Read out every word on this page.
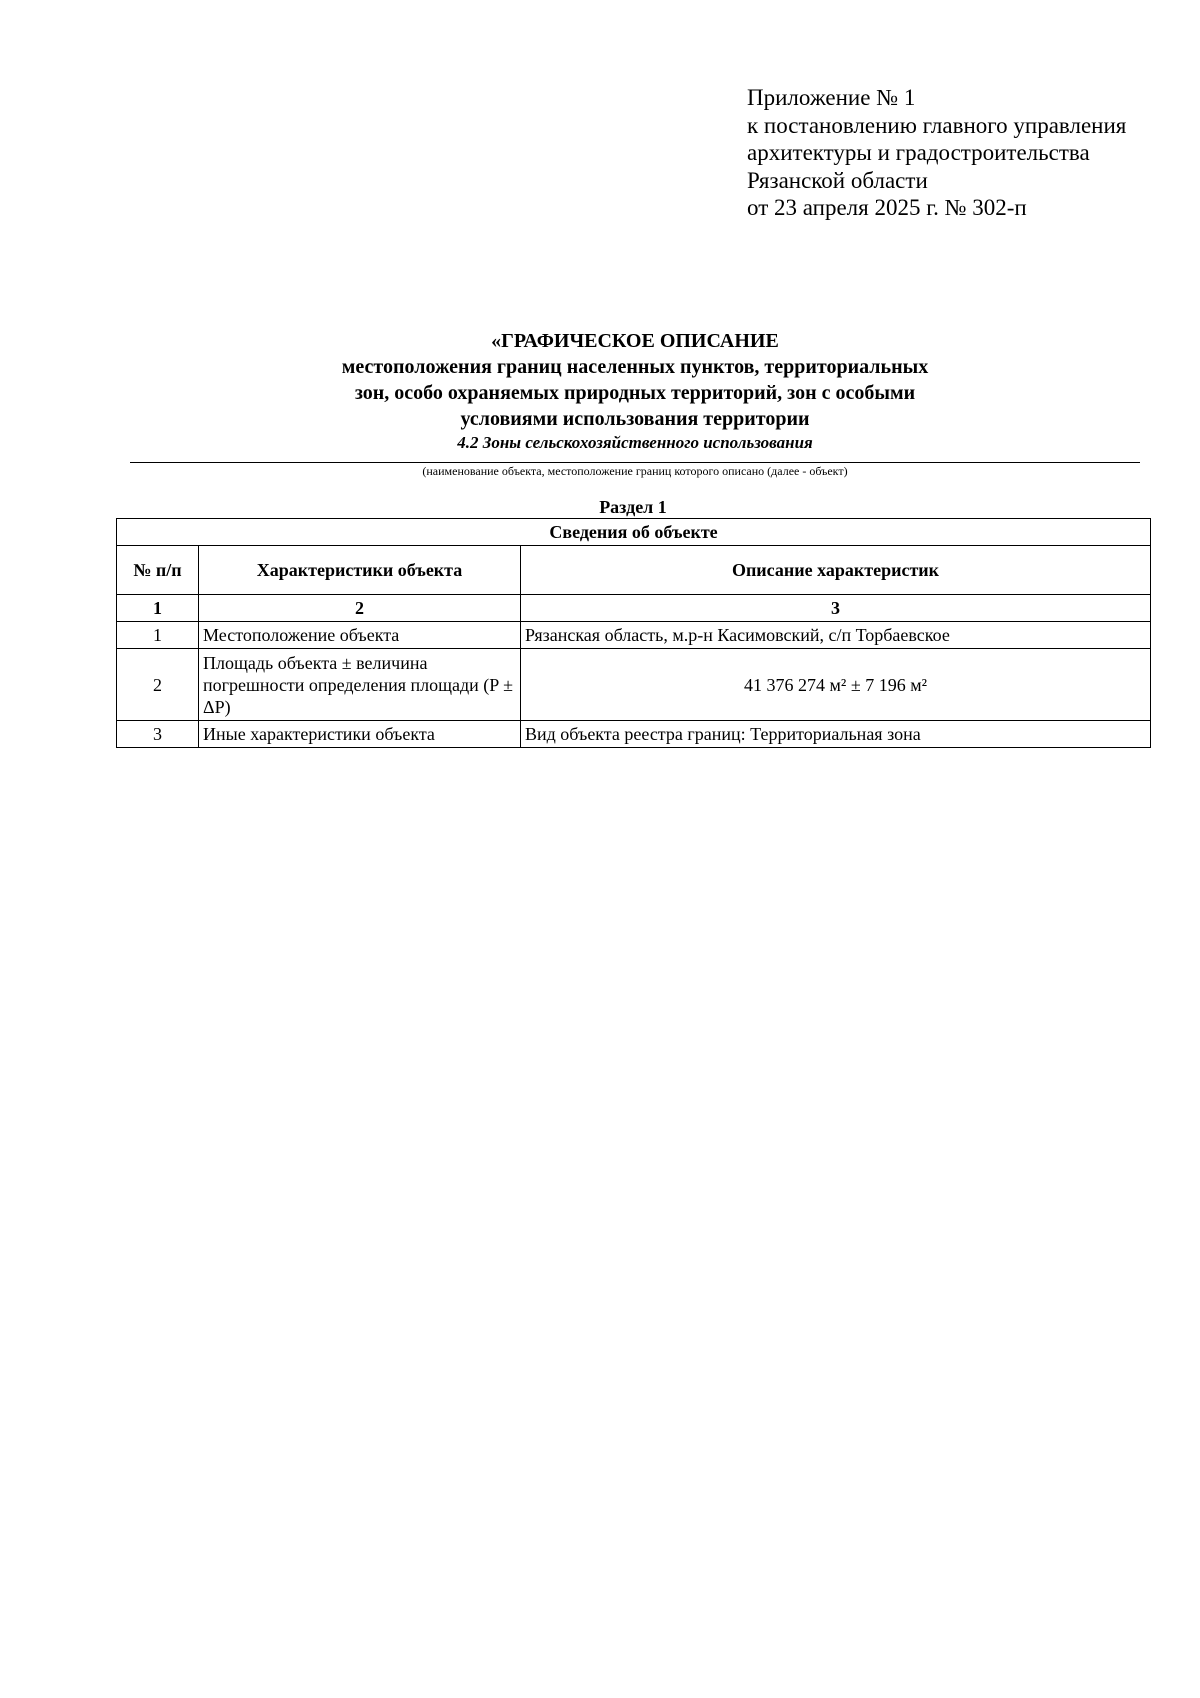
Приложение № 1
к постановлению главного управления
архитектуры и градостроительства
Рязанской области
от 23 апреля 2025 г. № 302-п
«ГРАФИЧЕСКОЕ ОПИСАНИЕ
местоположения границ населенных пунктов, территориальных
зон, особо охраняемых природных территорий, зон с особыми
условиями использования территории
4.2 Зоны сельскохозяйственного использования
(наименование объекта, местоположение границ которого описано (далее - объект)
Раздел 1
Сведения об объекте		
№ п/п	Характеристики объекта	Описание характеристик
1	2	3
1	Местоположение объекта	Рязанская область, м.р-н Касимовский, с/п Торбаевское
2	Площадь объекта ± величина погрешности определения площади (P ± ΔP)	41 376 274 м² ± 7 196 м²
3	Иные характеристики объекта	Вид объекта реестра границ: Территориальная зона
